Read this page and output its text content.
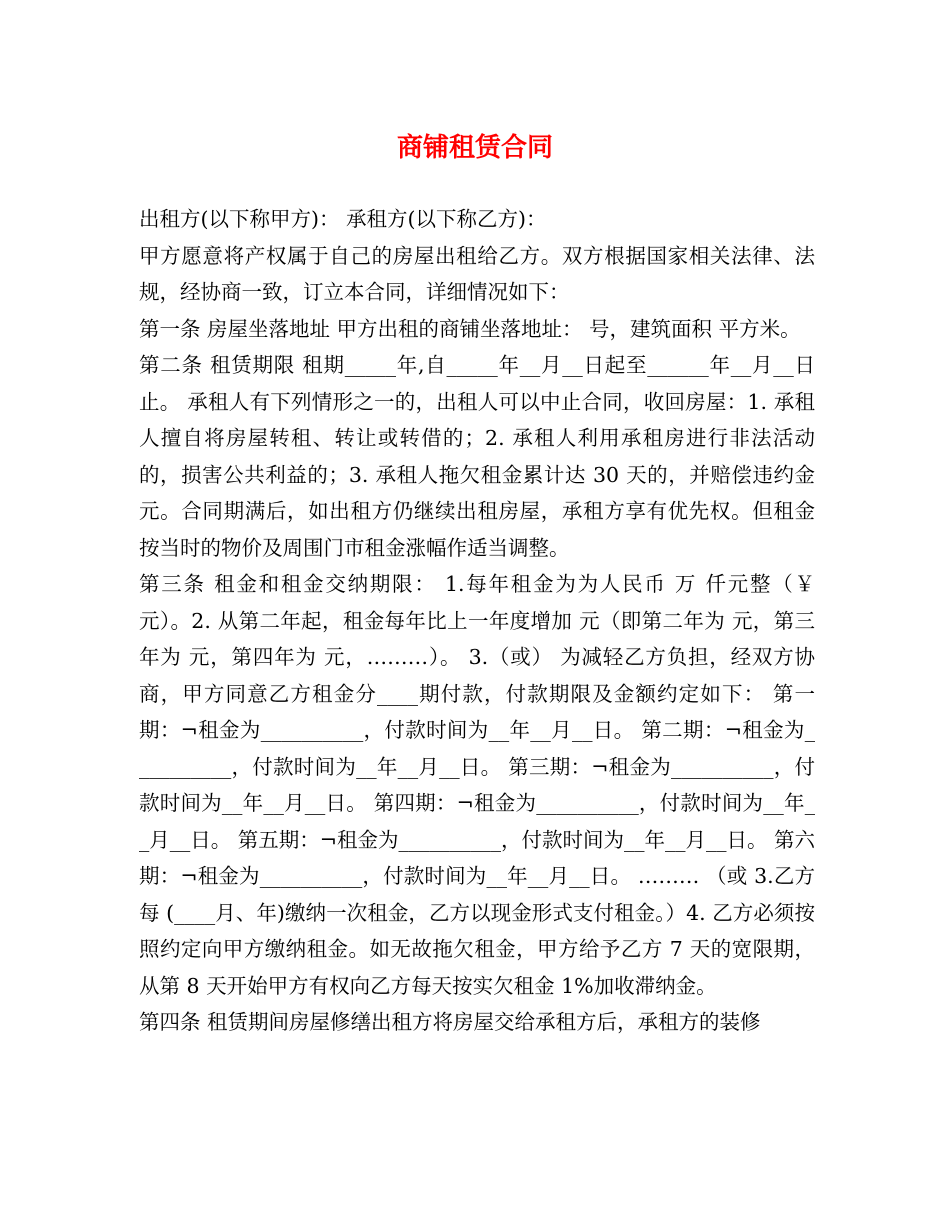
商铺租赁合同

出租方(以下称甲方)： 承租方(以下称乙方)：

甲方愿意将产权属于自己的房屋出租给乙方。双方根据国家相关法律、法规，经协商一致，订立本合同，详细情况如下：

第一条 房屋坐落地址 甲方出租的商铺坐落地址： 号，建筑面积 平方米。

第二条 租赁期限 租期_____年,自_____年__月__日起至______年__月__日止。 承租人有下列情形之一的，出租人可以中止合同，收回房屋：1. 承租人擅自将房屋转租、转让或转借的；2. 承租人利用承租房进行非法活动的，损害公共利益的；3. 承租人拖欠租金累计达 30 天的，并赔偿违约金 元。合同期满后，如出租方仍继续出租房屋，承租方享有优先权。但租金按当时的物价及周围门市租金涨幅作适当调整。

第三条 租金和租金交纳期限： 1.每年租金为为人民币 万 仟元整（￥ 元）。2. 从第二年起，租金每年比上一年度增加 元（即第二年为 元，第三年为 元，第四年为 元，………）。 3.（或） 为减轻乙方负担，经双方协商，甲方同意乙方租金分____期付款，付款期限及金额约定如下： 第一期：¬租金为__________，付款时间为__年__月__日。 第二期：¬租金为__________，付款时间为__年__月__日。 第三期：¬租金为__________，付款时间为__年__月__日。 第四期：¬租金为__________，付款时间为__年__月__日。 第五期：¬租金为__________，付款时间为__年__月__日。 第六期：¬租金为__________，付款时间为__年__月__日。 ……… （或 3.乙方每 (____月、年)缴纳一次租金，乙方以现金形式支付租金。）4. 乙方必须按照约定向甲方缴纳租金。如无故拖欠租金，甲方给予乙方 7 天的宽限期，从第 8 天开始甲方有权向乙方每天按实欠租金 1%加收滞纳金。

第四条 租赁期间房屋修缮出租方将房屋交给承租方后，承租方的装修
